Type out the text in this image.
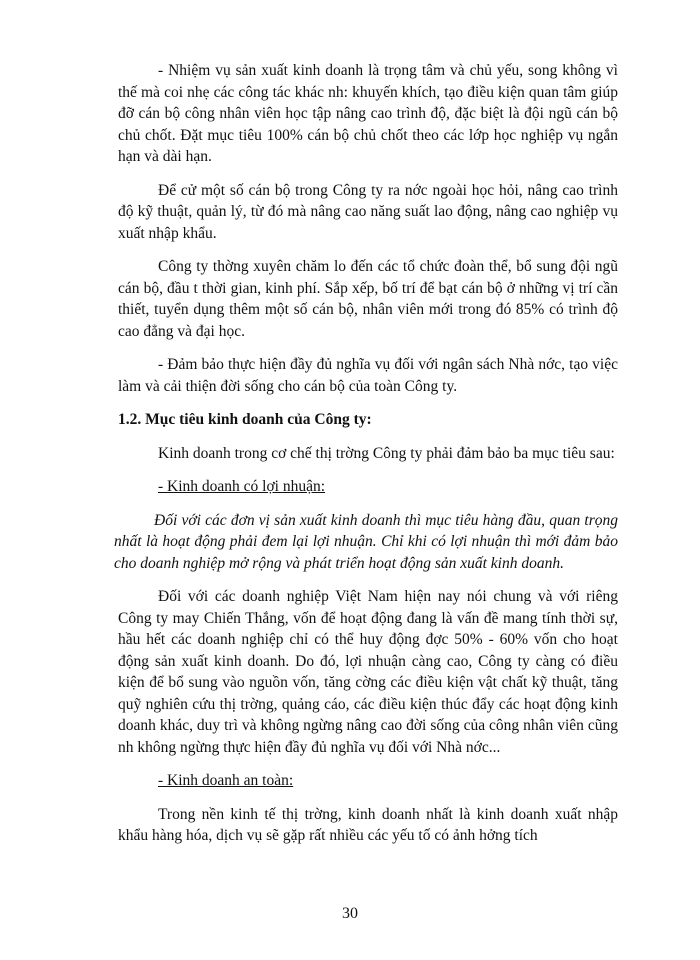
- Nhiệm vụ sản xuất kinh doanh là trọng tâm và chủ yếu, song không vì thế mà coi nhẹ các công tác khác nh: khuyến khích, tạo điều kiện quan tâm giúp đỡ cán bộ công nhân viên học tập nâng cao trình độ, đặc biệt là đội ngũ cán bộ chủ chốt. Đặt mục tiêu 100% cán bộ chủ chốt theo các lớp học nghiệp vụ ngắn hạn và dài hạn.

Để cử một số cán bộ trong Công ty ra nớc ngoài học hỏi, nâng cao trình độ kỹ thuật, quản lý, từ đó mà nâng cao năng suất lao động, nâng cao nghiệp vụ xuất nhập khẩu.

Công ty thờng xuyên chăm lo đến các tổ chức đoàn thể, bổ sung đội ngũ cán bộ, đầu t thời gian, kinh phí. Sắp xếp, bố trí để bạt cán bộ ở những vị trí cần thiết, tuyển dụng thêm một số cán bộ, nhân viên mới trong đó 85% có trình độ cao đẳng và đại học.

- Đảm bảo thực hiện đầy đủ nghĩa vụ đối với ngân sách Nhà nớc, tạo việc làm và cải thiện đời sống cho cán bộ của toàn Công ty.

1.2. Mục tiêu kinh doanh của Công ty:

Kinh doanh trong cơ chế thị trờng Công ty phải đảm bảo ba mục tiêu sau:

- Kinh doanh có lợi nhuận:

Đối với các đơn vị sản xuất kinh doanh thì mục tiêu hàng đầu, quan trọng nhất là hoạt động phải đem lại lợi nhuận. Chỉ khi có lợi nhuận thì mới đảm bảo cho doanh nghiệp mở rộng và phát triển hoạt động sản xuất kinh doanh.

Đối với các doanh nghiệp Việt Nam hiện nay nói chung và với riêng Công ty may Chiến Thắng, vốn để hoạt động đang là vấn đề mang tính thời sự, hầu hết các doanh nghiệp chỉ có thể huy động đợc 50% - 60% vốn cho hoạt động sản xuất kinh doanh. Do đó, lợi nhuận càng cao, Công ty càng có điều kiện để bổ sung vào nguồn vốn, tăng cờng các điều kiện vật chất kỹ thuật, tăng quỹ nghiên cứu thị trờng, quảng cáo, các điều kiện thúc đẩy các hoạt động kinh doanh khác, duy trì và không ngừng nâng cao đời sống của công nhân viên cũng nh không ngừng thực hiện đầy đủ nghĩa vụ đối với Nhà nớc...

- Kinh doanh an toàn:

Trong nền kinh tế thị trờng, kinh doanh nhất là kinh doanh xuất nhập khẩu hàng hóa, dịch vụ sẽ gặp rất nhiều các yếu tố có ảnh hởng tích

30
